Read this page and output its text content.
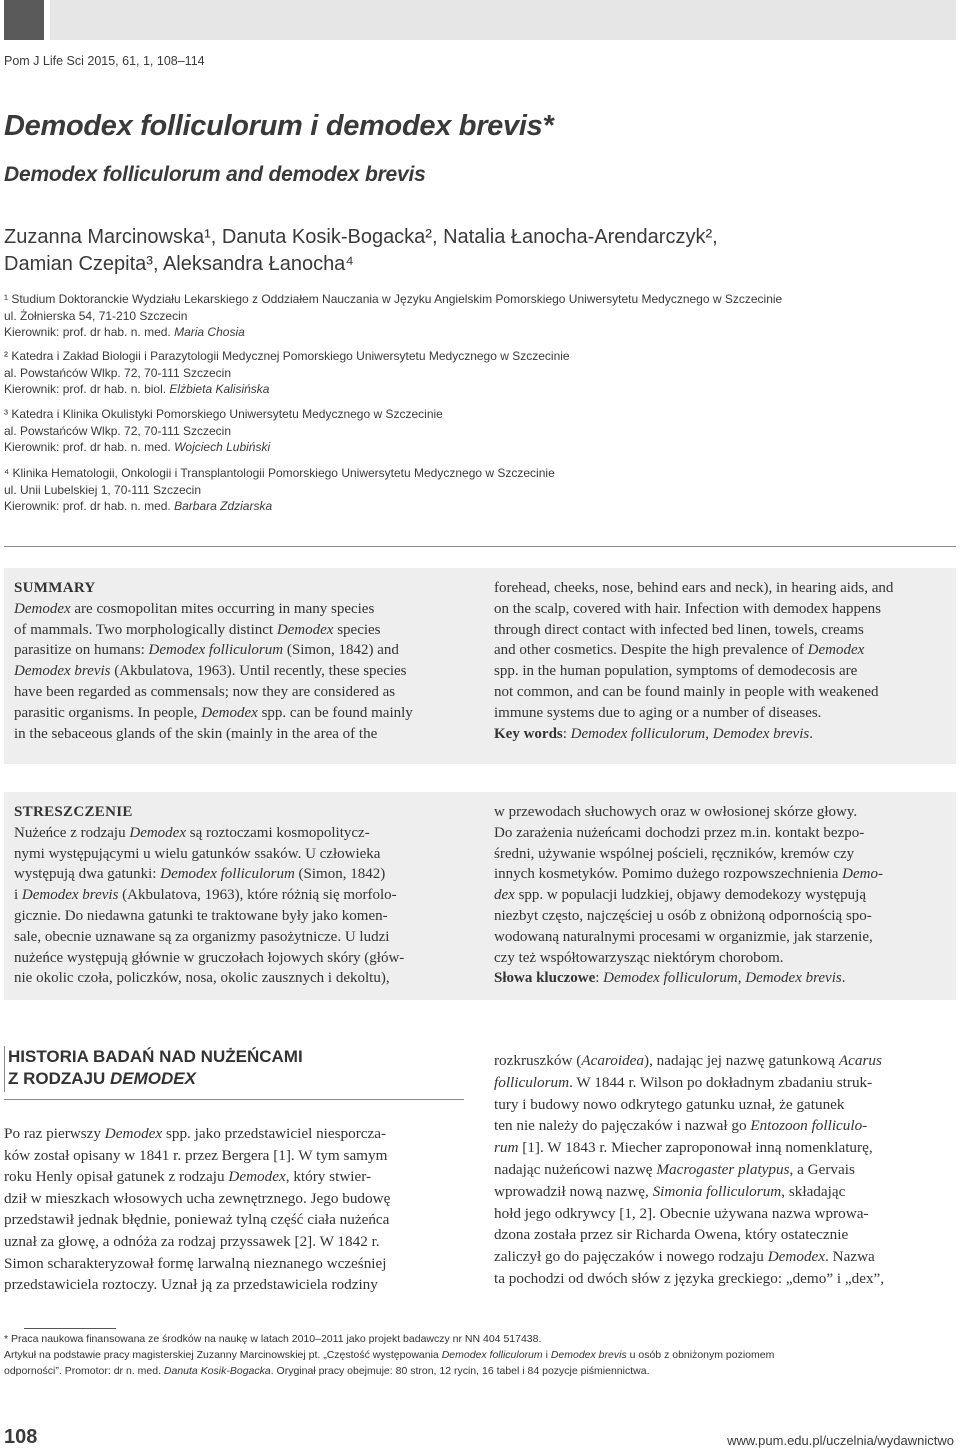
Pom J Life Sci 2015, 61, 1, 108–114
Demodex folliculorum i demodex brevis*
Demodex folliculorum and demodex brevis
Zuzanna Marcinowska¹, Danuta Kosik-Bogacka², Natalia Łanocha-Arendarczyk²,
Damian Czepita³, Aleksandra Łanocha⁴
¹ Studium Doktoranckie Wydziału Lekarskiego z Oddziałem Nauczania w Języku Angielskim Pomorskiego Uniwersytetu Medycznego w Szczecinie
ul. Żołnierska 54, 71-210 Szczecin
Kierownik: prof. dr hab. n. med. Maria Chosia
² Katedra i Zakład Biologii i Parazytologii Medycznej Pomorskiego Uniwersytetu Medycznego w Szczecinie
al. Powstańców Wlkp. 72, 70-111 Szczecin
Kierownik: prof. dr hab. n. biol. Elżbieta Kalisińska
³ Katedra i Klinika Okulistyki Pomorskiego Uniwersytetu Medycznego w Szczecinie
al. Powstańców Wlkp. 72, 70-111 Szczecin
Kierownik: prof. dr hab. n. med. Wojciech Lubiński
⁴ Klinika Hematologii, Onkologii i Transplantologii Pomorskiego Uniwersytetu Medycznego w Szczecinie
ul. Unii Lubelskiej 1, 70-111 Szczecin
Kierownik: prof. dr hab. n. med. Barbara Zdziarska
SUMMARY
Demodex are cosmopolitan mites occurring in many species
of mammals. Two morphologically distinct Demodex species
parasitize on humans: Demodex folliculorum (Simon, 1842) and
Demodex brevis (Akbulatova, 1963). Until recently, these species
have been regarded as commensals; now they are considered as
parasitic organisms. In people, Demodex spp. can be found mainly
in the sebaceous glands of the skin (mainly in the area of the
forehead, cheeks, nose, behind ears and neck), in hearing aids, and
on the scalp, covered with hair. Infection with demodex happens
through direct contact with infected bed linen, towels, creams
and other cosmetics. Despite the high prevalence of Demodex
spp. in the human population, symptoms of demodecosis are
not common, and can be found mainly in people with weakened
immune systems due to aging or a number of diseases.
Key words: Demodex folliculorum, Demodex brevis.
STRESZCZENIE
Nużeńce z rodzaju Demodex są roztoczami kosmopolitycz-
nymi występującymi u wielu gatunków ssaków. U człowieka
występują dwa gatunki: Demodex folliculorum (Simon, 1842)
i Demodex brevis (Akbulatova, 1963), które różnią się morfolo-
gicznie. Do niedawna gatunki te traktowane były jako komen-
sale, obecnie uznawane są za organizmy pasożytnicze. U ludzi
nużeńce występują głównie w gruczołach łojowych skóry (głów-
nie okolic czoła, policzków, nosa, okolic zausznych i dekoltu),
w przewodach słuchowych oraz w owłosionej skórze głowy.
Do zarażenia nużeńcami dochodzi przez m.in. kontakt bezpo-
średni, używanie wspólnej pościeli, ręczników, kremów czy
innych kosmetyków. Pomimo dużego rozpowszechnienia Demo-
dex spp. w populacji ludzkiej, objawy demodekozy występują
niezbyt często, najczęściej u osób z obniżoną odpornością spo-
wodowaną naturalnymi procesami w organizmie, jak starzenie,
czy też współtowarzysząc niektórym chorobom.
Słowa kluczowe: Demodex folliculorum, Demodex brevis.
HISTORIA BADAŃ NAD NUŻEŃCAMI
Z RODZAJU DEMODEX
Po raz pierwszy Demodex spp. jako przedstawiciel niesporcza-
ków został opisany w 1841 r. przez Bergera [1]. W tym samym
roku Henly opisał gatunek z rodzaju Demodex, który stwier-
dził w mieszkach włosowych ucha zewnętrznego. Jego budowę
przedstawił jednak błędnie, ponieważ tylną część ciała nużeńca
uznał za głowę, a odnóża za rodzaj przyssawek [2]. W 1842 r.
Simon scharakteryzował formę larwalną nieznanego wcześniej
przedstawiciela roztoczy. Uznał ją za przedstawiciela rodziny
rozkruszków (Acaroidea), nadając jej nazwę gatunkową Acarus
folliculorum. W 1844 r. Wilson po dokładnym zbadaniu struk-
tury i budowy nowo odkrytego gatunku uznał, że gatunek
ten nie należy do pajęczaków i nazwał go Entozoon folliculo-
rum [1]. W 1843 r. Miecher zaproponował inną nomenklaturę,
nadając nużeńcowi nazwę Macrogaster platypus, a Gervais
wprowadził nową nazwę, Simonia folliculorum, składając
hołd jego odkrywcy [1, 2]. Obecnie używana nazwa wprowa-
dzona została przez sir Richarda Owena, który ostatecznie
zaliczył go do pajęczaków i nowego rodzaju Demodex. Nazwa
ta pochodzi od dwóch słów z języka greckiego: „demo” i „dex”,
* Praca naukowa finansowana ze środków na naukę w latach 2010–2011 jako projekt badawczy nr NN 404 517438.
Artykuł na podstawie pracy magisterskiej Zuzanny Marcinowskiej pt. „Częstość występowania Demodex folliculorum i Demodex brevis u osób z obniżonym poziomem
odporności”. Promotor: dr n. med. Danuta Kosik-Bogacka. Oryginał pracy obejmuje: 80 stron, 12 rycin, 16 tabel i 84 pozycje piśmiennictwa.
108	www.pum.edu.pl/uczelnia/wydawnictwo
